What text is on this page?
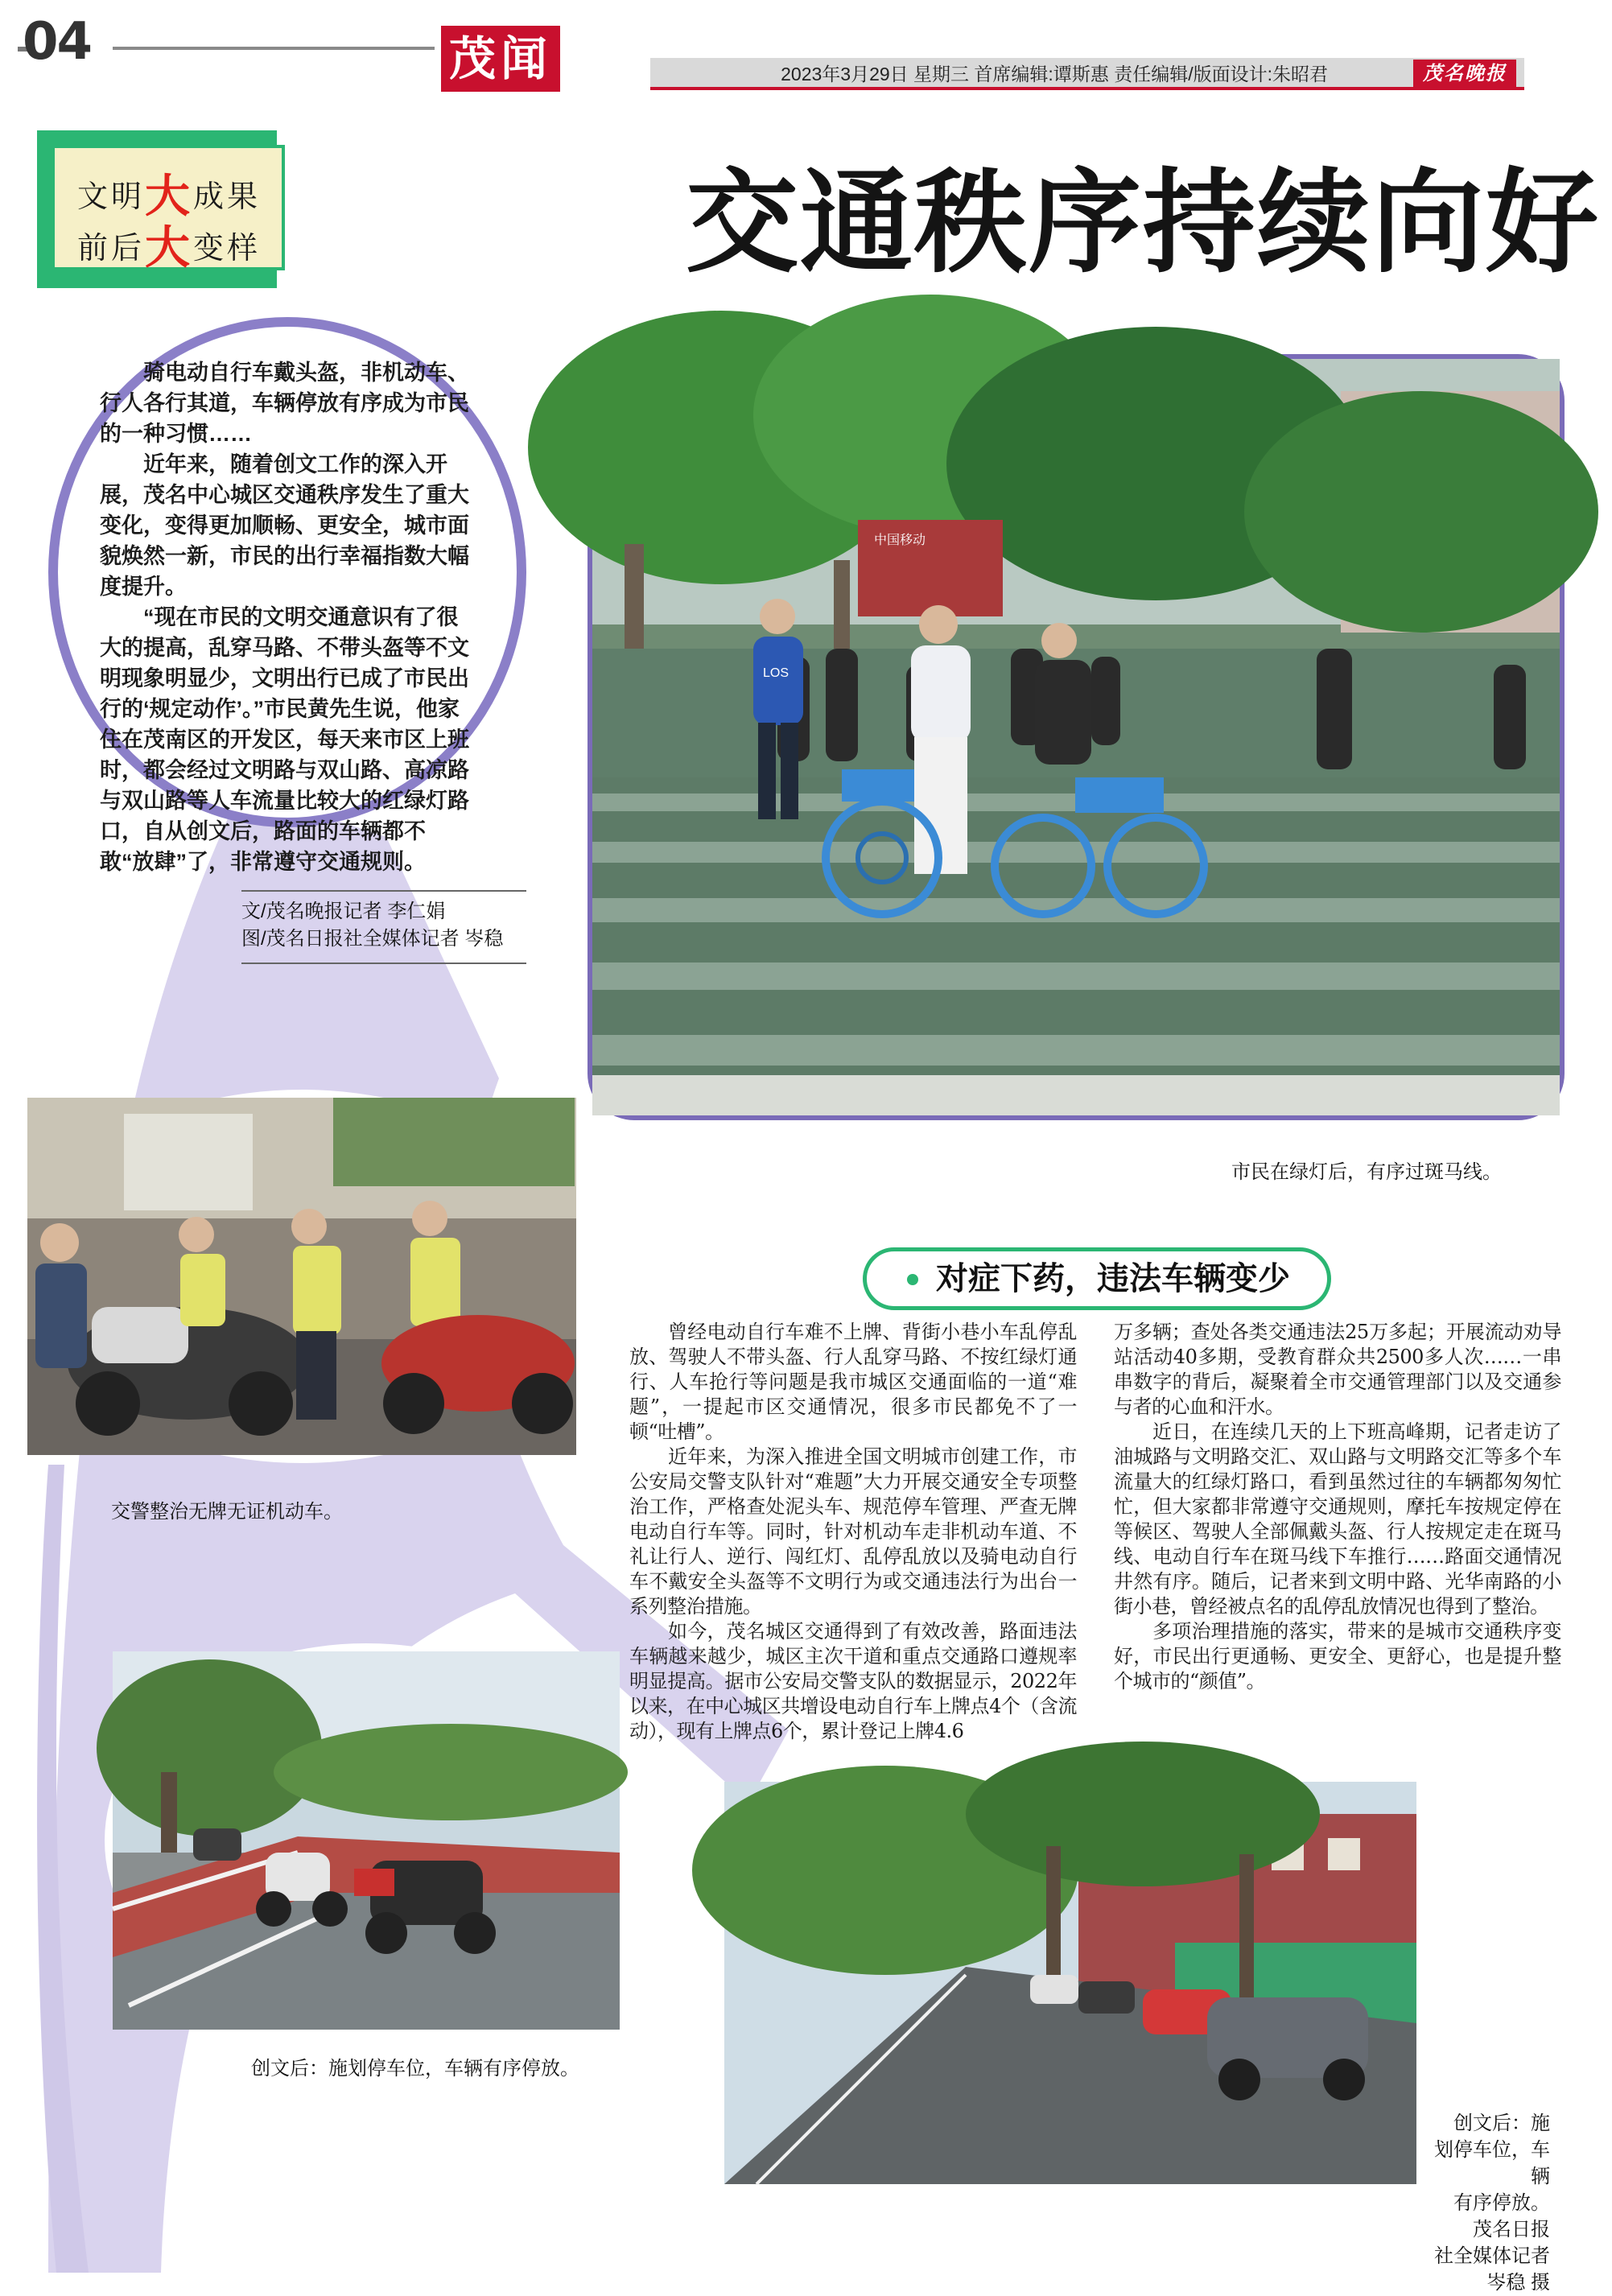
04	茂闻	2023年3月29日 星期三 首席编辑:谭斯惠 责任编辑/版面设计:朱昭君	茂名晚报
文明大成果
前后大变样	交通秩序持续向好

骑电动自行车戴头盔，非机动车、行人各行其道，车辆停放有序成为市民的一种习惯……

近年来，随着创文工作的深入开展，茂名中心城区交通秩序发生了重大变化，变得更加顺畅、更安全，城市面貌焕然一新，市民的出行幸福指数大幅度提升。

“现在市民的文明交通意识有了很大的提高，乱穿马路、不带头盔等不文明现象明显少，文明出行已成了市民出行的‘规定动作’。”市民黄先生说，他家住在茂南区的开发区，每天来市区上班时，都会经过文明路与双山路、高凉路与双山路等人车流量比较大的红绿灯路口，自从创文后，路面的车辆都不敢“放肆”了，非常遵守交通规则。

文/茂名晚报记者 李仁娟
图/茂名日报社全媒体记者 岑稳
中国移动
LOS
市民在绿灯后，有序过斑马线。
交警整治无牌无证机动车。
创文后：施划停车位，车辆有序停放。
创文后：施
划停车位，车辆
有序停放。
茂名日报
社全媒体记者
岑稳 摄
对症下药，违法车辆变少

曾经电动自行车难不上牌、背街小巷小车乱停乱放、驾驶人不带头盔、行人乱穿马路、不按红绿灯通行、人车抢行等问题是我市城区交通面临的一道“难题”，一提起市区交通情况，很多市民都免不了一顿“吐槽”。

近年来，为深入推进全国文明城市创建工作，市公安局交警支队针对“难题”大力开展交通安全专项整治工作，严格查处泥头车、规范停车管理、严查无牌电动自行车等。同时，针对机动车走非机动车道、不礼让行人、逆行、闯红灯、乱停乱放以及骑电动自行车不戴安全头盔等不文明行为或交通违法行为出台一系列整治措施。

如今，茂名城区交通得到了有效改善，路面违法车辆越来越少，城区主次干道和重点交通路口遵规率明显提高。据市公安局交警支队的数据显示，2022年以来，在中心城区共增设电动自行车上牌点4个（含流动），现有上牌点6个，累计登记上牌4.6

万多辆；查处各类交通违法25万多起；开展流动劝导站活动40多期，受教育群众共2500多人次……一串串数字的背后，凝聚着全市交通管理部门以及交通参与者的心血和汗水。

近日，在连续几天的上下班高峰期，记者走访了油城路与文明路交汇、双山路与文明路交汇等多个车流量大的红绿灯路口，看到虽然过往的车辆都匆匆忙忙，但大家都非常遵守交通规则，摩托车按规定停在等候区、驾驶人全部佩戴头盔、行人按规定走在斑马线、电动自行车在斑马线下车推行……路面交通情况井然有序。随后，记者来到文明中路、光华南路的小街小巷，曾经被点名的乱停乱放情况也得到了整治。

多项治理措施的落实，带来的是城市交通秩序变好，市民出行更通畅、更安全、更舒心，也是提升整个城市的“颜值”。
